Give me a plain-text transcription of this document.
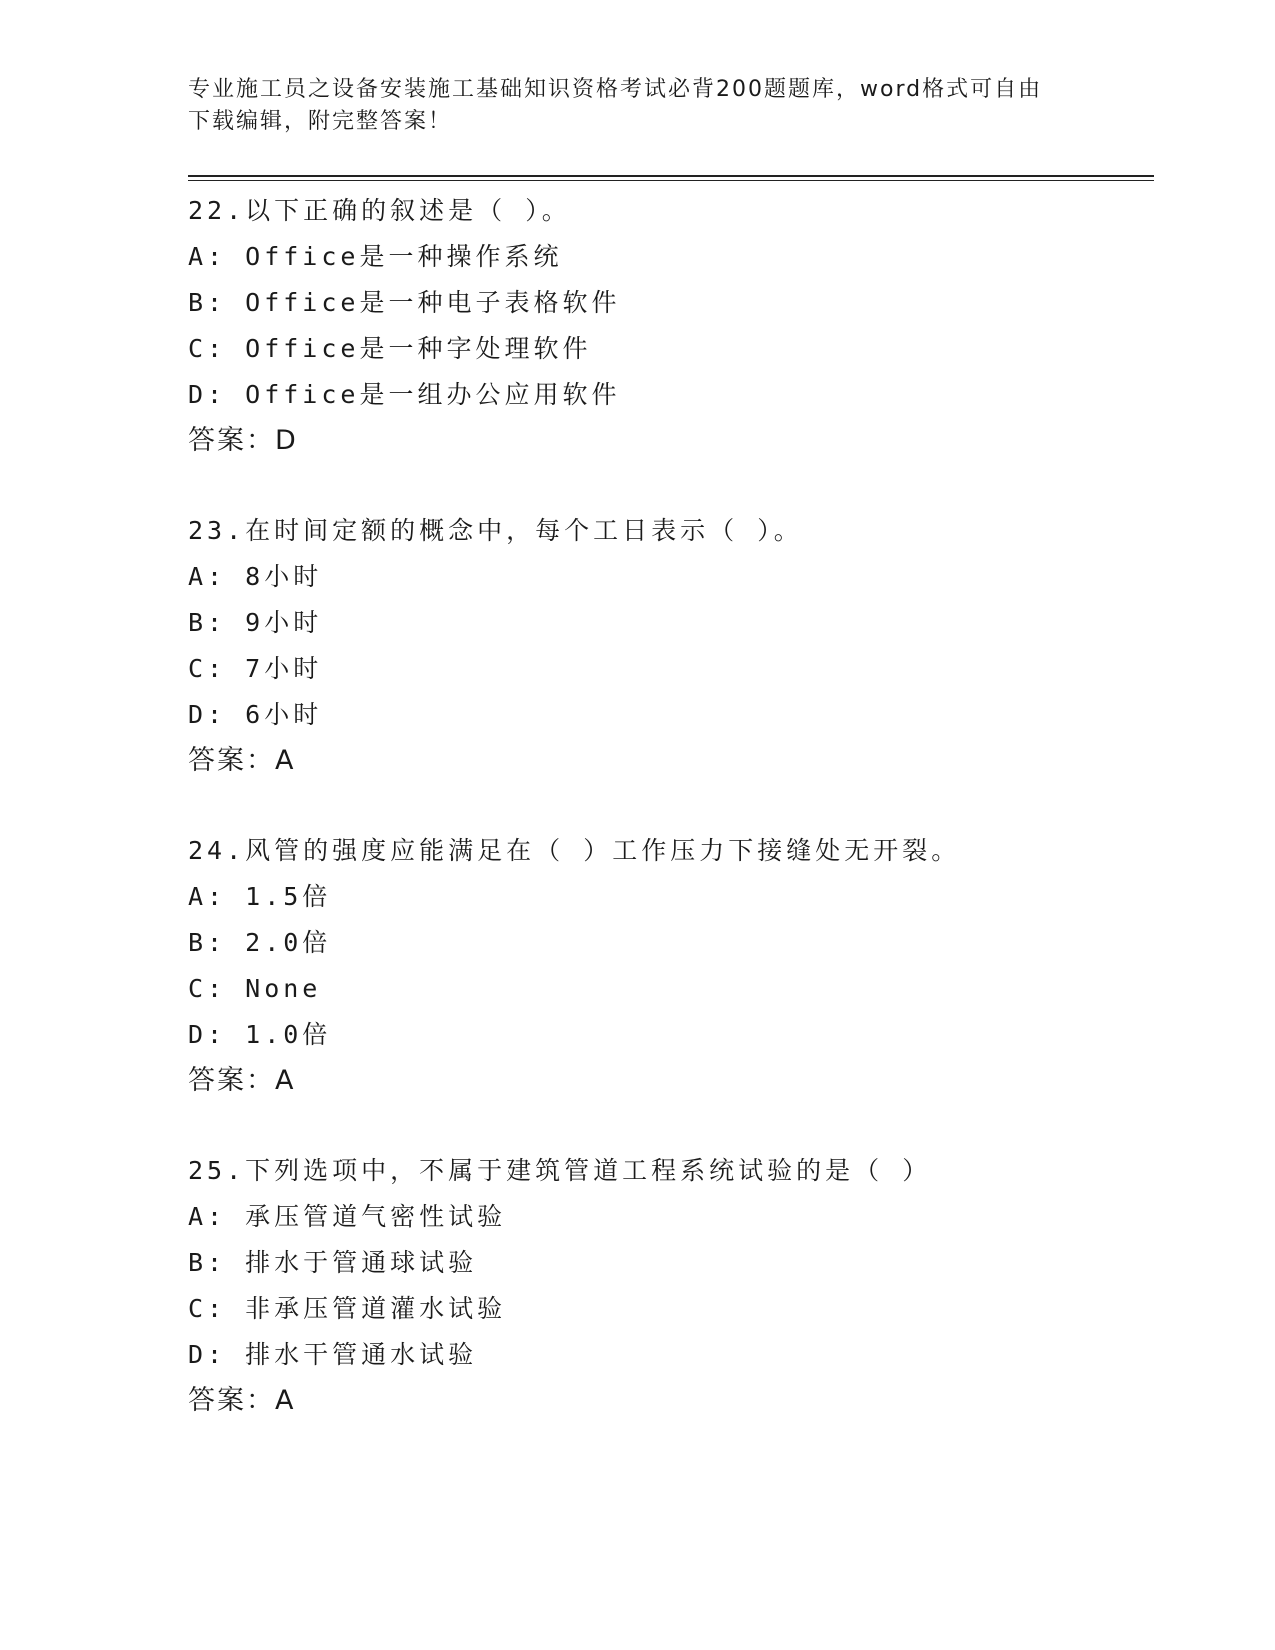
专业施工员之设备安装施工基础知识资格考试必背200题题库，word格式可自由
下载编辑，附完整答案！
22.以下正确的叙述是（ ）。
A: Office是一种操作系统
B: Office是一种电子表格软件
C: Office是一种字处理软件
D: Office是一组办公应用软件
答案：D
23.在时间定额的概念中，每个工日表示（ ）。
A: 8小时
B: 9小时
C: 7小时
D: 6小时
答案：A
24.风管的强度应能满足在（ ）工作压力下接缝处无开裂。
A: 1.5倍
B: 2.0倍
C: None
D: 1.0倍
答案：A
25.下列选项中，不属于建筑管道工程系统试验的是（ ）
A: 承压管道气密性试验
B: 排水于管通球试验
C: 非承压管道灌水试验
D: 排水干管通水试验
答案：A
